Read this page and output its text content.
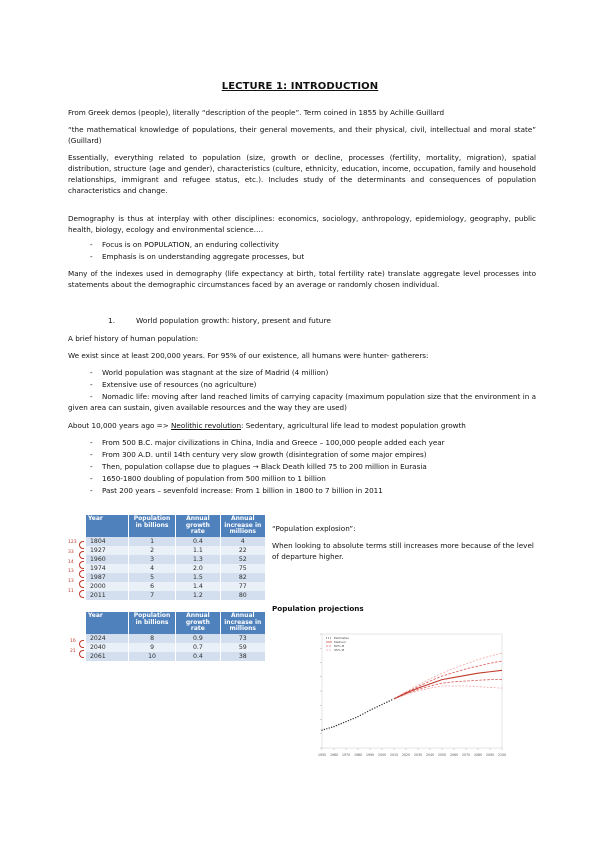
LECTURE 1: INTRODUCTION

From Greek demos (people), literally “description of the people”. Term coined in 1855 by Achille Guillard

“the mathematical knowledge of populations, their general movements, and their physical, civil, intellectual and moral state” (Guillard)

Essentially, everything related to population (size, growth or decline, processes (fertility, mortality, migration), spatial distribution, structure (age and gender), characteristics (culture, ethnicity, education, income, occupation, family and household relationships, immigrant and refugee status, etc.). Includes study of the determinants and consequences of population characteristics and change.

Demography is thus at interplay with other disciplines: economics, sociology, anthropology, epidemiology, geography, public health, biology, ecology and environmental science….

-	Focus is on POPULATION, an enduring collectivity
-	Emphasis is on understanding aggregate processes, but

Many of the indexes used in demography (life expectancy at birth, total fertility rate) translate aggregate level processes into statements about the demographic circumstances faced by an average or randomly chosen individual.

1.	World population growth: history, present and future

A brief history of human population:

We exist since at least 200,000 years. For 95% of our existence, all humans were hunter- gatherers:

-	World population was stagnant at the size of Madrid (4 million)
-	Extensive use of resources (no agriculture)
-	Nomadic life: moving after land reached limits of carrying capacity (maximum population size that the environment in a given area can sustain, given available resources and the way they are used)

About 10,000 years ago => Neolithic revolution: Sedentary, agricultural life lead to modest population growth

-	From 500 B.C. major civilizations in China, India and Greece – 100,000 people added each year
-	From 300 A.D. until 14th century very slow growth (disintegration of some major empires)
-	Then, population collapse due to plagues → Black Death killed 75 to 200 million in Eurasia
-	1650-1800 doubling of population from 500 million to 1 billion
-	Past 200 years – sevenfold increase: From 1 billion in 1800 to 7 billion in 2011
Year	Population in billions	Annual growth rate	Annual increase in millions
1804	1	0.4	4
1927	2	1.1	22
1960	3	1.3	52
1974	4	2.0	75
1987	5	1.5	82
2000	6	1.4	77
2011	7	1.2	80
Year	Population in billions	Annual growth rate	Annual increase in millions
2024	8	0.9	73
2040	9	0.7	59
2061	10	0.4	38
123
33
14
13
13
11
16
21

“Population explosion”:

When looking to absolute terms still increases more because of the level of departure higher.

Population projections

1950 1960 1970 1980 1990 2000 2010 2020 2030 2040 2050 2060 2070 2080 2090 2100
Estimates
Medium
80% PI
95% PI
